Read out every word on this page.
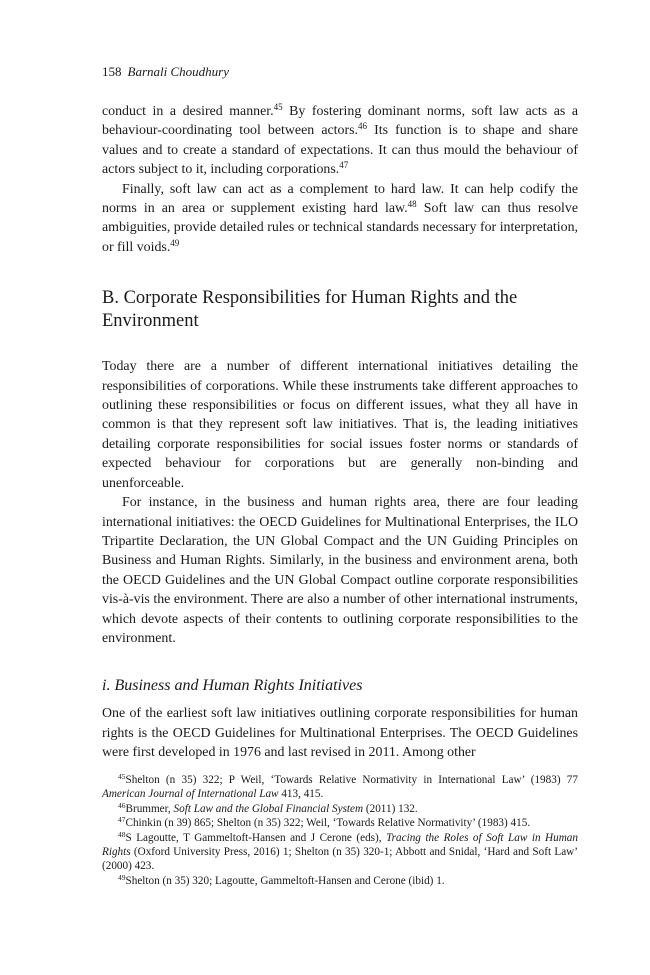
158 Barnali Choudhury

conduct in a desired manner.$^{45}$ By fostering dominant norms, soft law acts as a behaviour-coordinating tool between actors.$^{46}$ Its function is to shape and share values and to create a standard of expectations. It can thus mould the behaviour of actors subject to it, including corporations.$^{47}$

Finally, soft law can act as a complement to hard law. It can help codify the norms in an area or supplement existing hard law.$^{48}$ Soft law can thus resolve ambiguities, provide detailed rules or technical standards necessary for interpretation, or fill voids.$^{49}$

B. Corporate Responsibilities for Human Rights and the Environment

Today there are a number of different international initiatives detailing the responsibilities of corporations. While these instruments take different approaches to outlining these responsibilities or focus on different issues, what they all have in common is that they represent soft law initiatives. That is, the leading initiatives detailing corporate responsibilities for social issues foster norms or standards of expected behaviour for corporations but are generally non-binding and unenforceable.

For instance, in the business and human rights area, there are four leading international initiatives: the OECD Guidelines for Multinational Enterprises, the ILO Tripartite Declaration, the UN Global Compact and the UN Guiding Principles on Business and Human Rights. Similarly, in the business and environment arena, both the OECD Guidelines and the UN Global Compact outline corporate responsibilities vis-à-vis the environment. There are also a number of other international instruments, which devote aspects of their contents to outlining corporate responsibilities to the environment.

i. Business and Human Rights Initiatives

One of the earliest soft law initiatives outlining corporate responsibilities for human rights is the OECD Guidelines for Multinational Enterprises. The OECD Guidelines were first developed in 1976 and last revised in 2011. Among other

$^{45}$Shelton (n 35) 322; P Weil, ‘Towards Relative Normativity in International Law’ (1983) 77 American Journal of International Law 413, 415.

$^{46}$Brummer, Soft Law and the Global Financial System (2011) 132.

$^{47}$Chinkin (n 39) 865; Shelton (n 35) 322; Weil, ‘Towards Relative Normativity’ (1983) 415.

$^{48}$S Lagoutte, T Gammeltoft-Hansen and J Cerone (eds), Tracing the Roles of Soft Law in Human Rights (Oxford University Press, 2016) 1; Shelton (n 35) 320-1; Abbott and Snidal, ‘Hard and Soft Law’ (2000) 423.

$^{49}$Shelton (n 35) 320; Lagoutte, Gammeltoft-Hansen and Cerone (ibid) 1.
